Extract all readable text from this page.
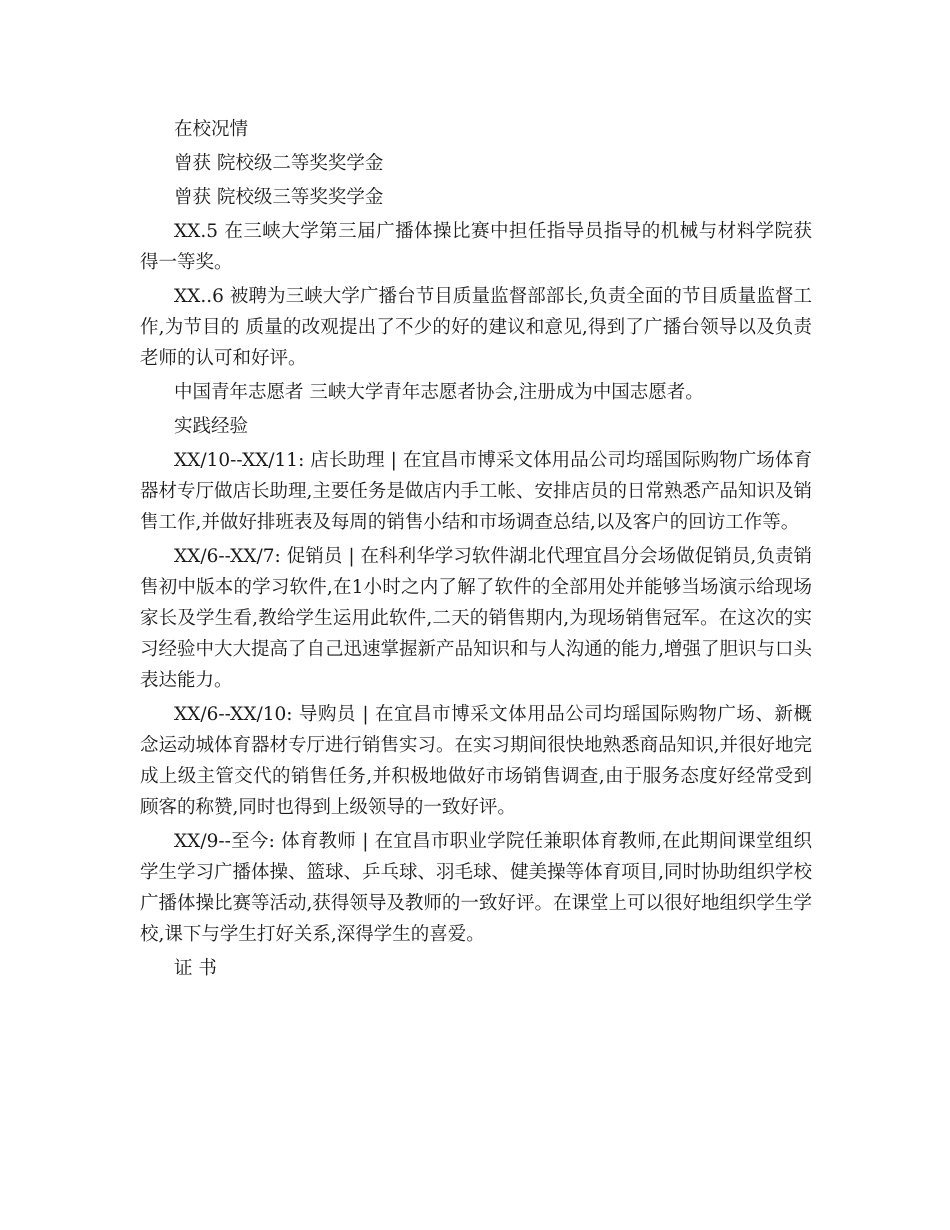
在校况情

曾获 院校级二等奖奖学金

曾获 院校级三等奖奖学金

XX.5 在三峡大学第三届广播体操比赛中担任指导员指导的机械与材料学院获得一等奖。

XX..6 被聘为三峡大学广播台节目质量监督部部长,负责全面的节目质量监督工作,为节目的 质量的改观提出了不少的好的建议和意见,得到了广播台领导以及负责老师的认可和好评。

中国青年志愿者 三峡大学青年志愿者协会,注册成为中国志愿者。

实践经验

XX/10--XX/11: 店长助理 | 在宜昌市博采文体用品公司均瑶国际购物广场体育器材专厅做店长助理,主要任务是做店内手工帐、安排店员的日常熟悉产品知识及销售工作,并做好排班表及每周的销售小结和市场调查总结,以及客户的回访工作等。

XX/6--XX/7: 促销员 | 在科利华学习软件湖北代理宜昌分会场做促销员,负责销售初中版本的学习软件,在1小时之内了解了软件的全部用处并能够当场演示给现场家长及学生看,教给学生运用此软件,二天的销售期内,为现场销售冠军。在这次的实习经验中大大提高了自己迅速掌握新产品知识和与人沟通的能力,增强了胆识与口头表达能力。

XX/6--XX/10: 导购员 | 在宜昌市博采文体用品公司均瑶国际购物广场、新概念运动城体育器材专厅进行销售实习。在实习期间很快地熟悉商品知识,并很好地完成上级主管交代的销售任务,并积极地做好市场销售调查,由于服务态度好经常受到顾客的称赞,同时也得到上级领导的一致好评。

XX/9--至今: 体育教师 | 在宜昌市职业学院任兼职体育教师,在此期间课堂组织学生学习广播体操、篮球、乒乓球、羽毛球、健美操等体育项目,同时协助组织学校广播体操比赛等活动,获得领导及教师的一致好评。在课堂上可以很好地组织学生学校,课下与学生打好关系,深得学生的喜爱。

证 书
